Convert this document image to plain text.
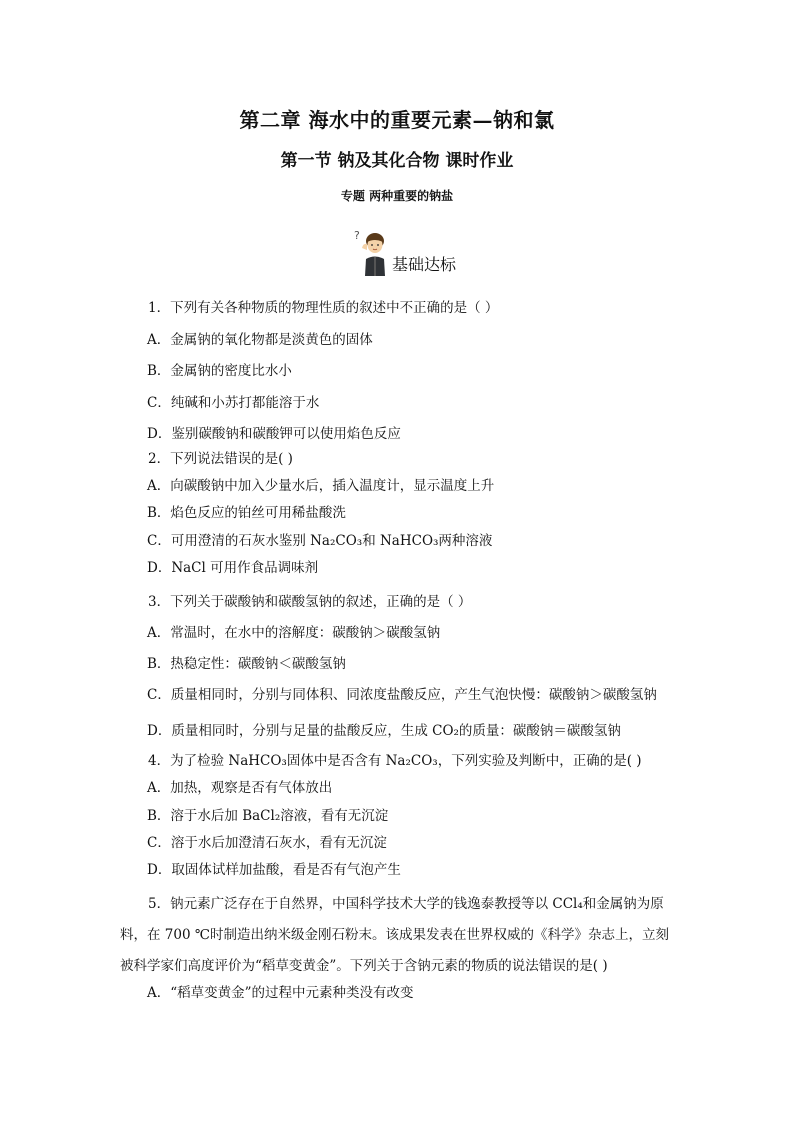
第二章 海水中的重要元素—钠和氯
第一节 钠及其化合物 课时作业
专题 两种重要的钠盐
?
基础达标
1．下列有关各种物质的物理性质的叙述中不正确的是（ ）
A．金属钠的氧化物都是淡黄色的固体
B．金属钠的密度比水小
C．纯碱和小苏打都能溶于水
D．鉴别碳酸钠和碳酸钾可以使用焰色反应
2．下列说法错误的是( )
A．向碳酸钠中加入少量水后，插入温度计，显示温度上升
B．焰色反应的铂丝可用稀盐酸洗
C．可用澄清的石灰水鉴别 Na₂CO₃和 NaHCO₃两种溶液
D．NaCl 可用作食品调味剂
3．下列关于碳酸钠和碳酸氢钠的叙述，正确的是（ ）
A．常温时，在水中的溶解度：碳酸钠＞碳酸氢钠
B．热稳定性：碳酸钠＜碳酸氢钠
C．质量相同时，分别与同体积、同浓度盐酸反应，产生气泡快慢：碳酸钠＞碳酸氢钠
D．质量相同时，分别与足量的盐酸反应，生成 CO₂的质量：碳酸钠＝碳酸氢钠
4．为了检验 NaHCO₃固体中是否含有 Na₂CO₃，下列实验及判断中，正确的是( )
A．加热，观察是否有气体放出
B．溶于水后加 BaCl₂溶液，看有无沉淀
C．溶于水后加澄清石灰水，看有无沉淀
D．取固体试样加盐酸，看是否有气泡产生
5．钠元素广泛存在于自然界，中国科学技术大学的钱逸泰教授等以 CCl₄和金属钠为原
料，在 700 ℃时制造出纳米级金刚石粉末。该成果发表在世界权威的《科学》杂志上，立刻
被科学家们高度评价为“稻草变黄金”。下列关于含钠元素的物质的说法错误的是( )
A．“稻草变黄金”的过程中元素种类没有改变
